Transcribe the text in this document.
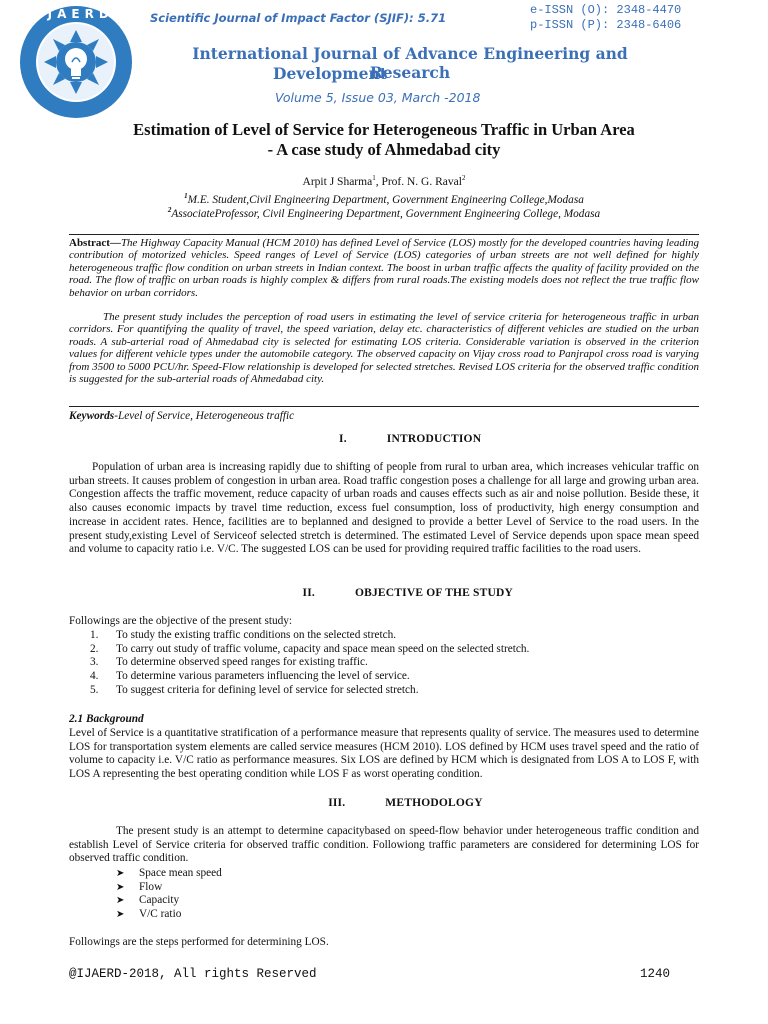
IJAERD	Scientific Journal of Impact Factor (SJIF): 5.71
e-ISSN (O): 2348-4470
p-ISSN (P): 2348-6406
International Journal of Advance Engineering and Research
Development
Volume 5, Issue 03, March -2018
Estimation of Level of Service for Heterogeneous Traffic in Urban Area
- A case study of Ahmedabad city
Arpit J Sharma$^1$, Prof. N. G. Raval$^2$
$^1$M.E. Student,Civil Engineering Department, Government Engineering College,Modasa
$^2$AssociateProfessor, Civil Engineering Department, Government Engineering College, Modasa
Abstract—The Highway Capacity Manual (HCM 2010) has defined Level of Service (LOS) mostly for the developed countries having leading contribution of motorized vehicles. Speed ranges of Level of Service (LOS) categories of urban streets are not well defined for highly heterogeneous traffic flow condition on urban streets in Indian context. The boost in urban traffic affects the quality of facility provided on the road. The flow of traffic on urban roads is highly complex & differs from rural roads.The existing models does not reflect the true traffic flow behavior on urban corridors.
The present study includes the perception of road users in estimating the level of service criteria for heterogeneous traffic in urban corridors. For quantifying the quality of travel, the speed variation, delay etc. characteristics of different vehicles are studied on the urban roads. A sub-arterial road of Ahmedabad city is selected for estimating LOS criteria. Considerable variation is observed in the criterion values for different vehicle types under the automobile category. The observed capacity on Vijay cross road to Panjrapol cross road is varying from 3500 to 5000 PCU/hr. Speed-Flow relationship is developed for selected stretches. Revised LOS criteria for the observed traffic condition is suggested for the sub-arterial roads of Ahmedabad city.
Keywords-Level of Service, Heterogeneous traffic
I.	INTRODUCTION
Population of urban area is increasing rapidly due to shifting of people from rural to urban area, which increases vehicular traffic on urban streets. It causes problem of congestion in urban area. Road traffic congestion poses a challenge for all large and growing urban area. Congestion affects the traffic movement, reduce capacity of urban roads and causes effects such as air and noise pollution. Beside these, it also causes economic impacts by travel time reduction, excess fuel consumption, loss of productivity, high energy consumption and increase in accident rates. Hence, facilities are to beplanned and designed to provide a better Level of Service to the road users. In the present study,existing Level of Serviceof selected stretch is determined. The estimated Level of Service depends upon space mean speed and volume to capacity ratio i.e. V/C. The suggested LOS can be used for providing required traffic facilities to the road users.
II.	OBJECTIVE OF THE STUDY
Followings are the objective of the present study:
1. To study the existing traffic conditions on the selected stretch.
2. To carry out study of traffic volume, capacity and space mean speed on the selected stretch.
3. To determine observed speed ranges for existing traffic.
4. To determine various parameters influencing the level of service.
5. To suggest criteria for defining level of service for selected stretch.
2.1 Background
Level of Service is a quantitative stratification of a performance measure that represents quality of service. The measures used to determine LOS for transportation system elements are called service measures (HCM 2010). LOS defined by HCM uses travel speed and the ratio of volume to capacity i.e. V/C ratio as performance measures. Six LOS are defined by HCM which is designated from LOS A to LOS F, with LOS A representing the best operating condition while LOS F as worst operating condition.
III.	METHODOLOGY
The present study is an attempt to determine capacitybased on speed-flow behavior under heterogeneous traffic condition and establish Level of Service criteria for observed traffic condition. Followiong traffic parameters are considered for determining LOS for observed traffic condition.
➤ Space mean speed
➤ Flow
➤ Capacity
➤ V/C ratio
Followings are the steps performed for determining LOS.
@IJAERD-2018, All rights Reserved	1240
